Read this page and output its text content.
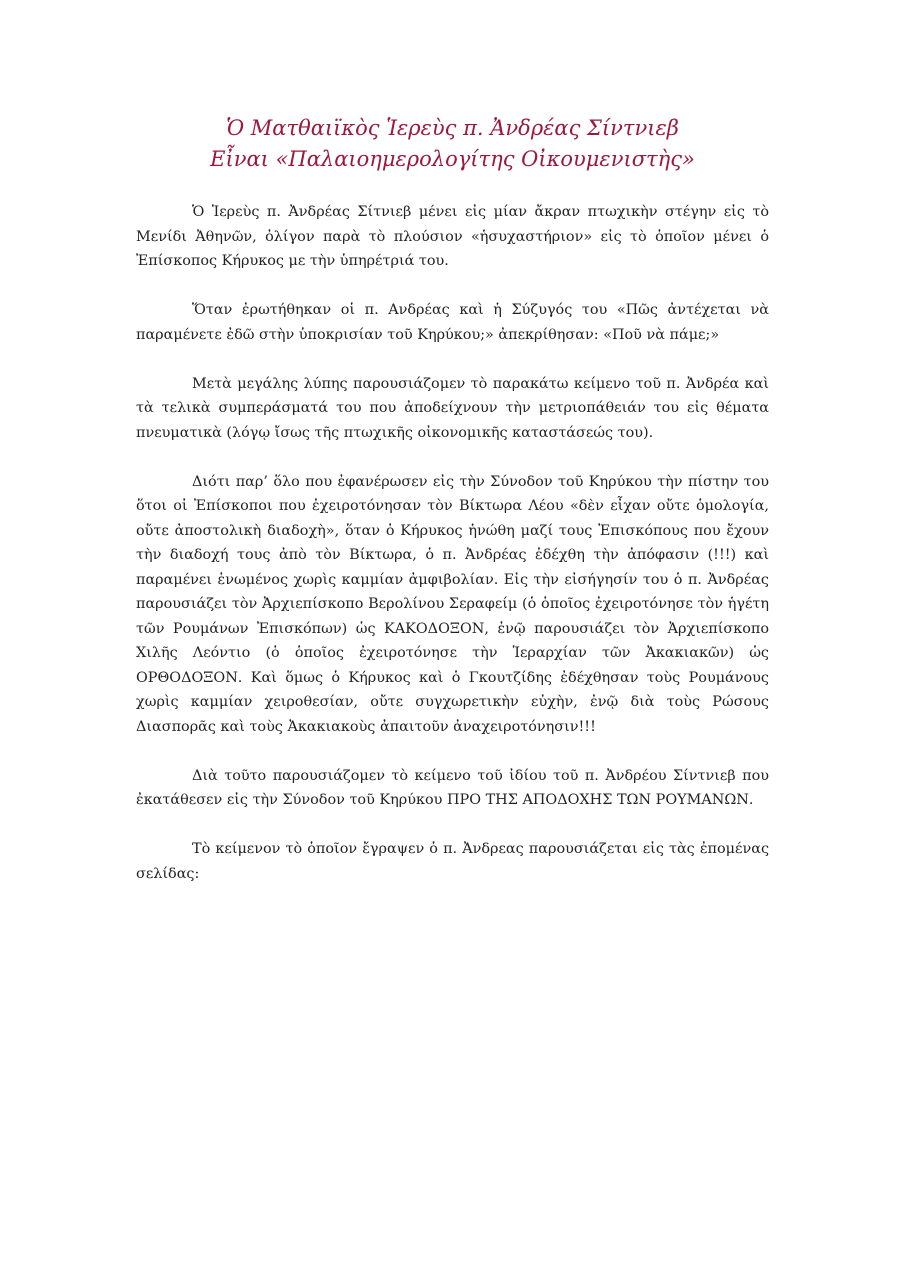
Ὁ Ματθαιϊκὸς Ἱερεὺς π. Ἀνδρέας Σίντνιεβ
Εἶναι «Παλαιοημερολογίτης Οἰκουμενιστὴς»

Ὁ Ἱερεὺς π. Ἀνδρέας Σίτνιεβ μένει εἰς μίαν ἄκραν πτωχικὴν στέγην εἰς τὸ Μενίδι Ἀθηνῶν, ὀλίγον παρὰ τὸ πλούσιον «ἡσυχαστήριον» εἰς τὸ ὁποῖον μένει ὁ Ἐπίσκοπος Κήρυκος με τὴν ὑπηρέτριά του.

Ὅταν ἐρωτήθηκαν οἱ π. Ανδρέας καὶ ἡ Σύζυγός του «Πῶς ἀντέχεται νὰ παραμένετε ἐδῶ στὴν ὑποκρισίαν τοῦ Κηρύκου;» ἀπεκρίθησαν: «Ποῦ νὰ πάμε;»

Μετὰ μεγάλης λύπης παρουσιάζομεν τὸ παρακάτω κείμενο τοῦ π. Ἀνδρέα καὶ τὰ τελικὰ συμπεράσματά του που ἀποδείχνουν τὴν μετριοπάθειάν του εἰς θέματα πνευματικὰ (λόγῳ ἴσως τῆς πτωχικῆς οἰκονομικῆς καταστάσεώς του).

Διότι παρ’ ὅλο που ἐφανέρωσεν εἰς τὴν Σύνοδον τοῦ Κηρύκου τὴν πίστην του ὅτοι οἱ Ἐπίσκοποι που ἐχειροτόνησαν τὸν Βίκτωρα Λέου «δὲν εἶχαν οὔτε ὁμολογία, οὔτε ἀποστολικὴ διαδοχὴ», ὅταν ὁ Κήρυκος ἡνώθη μαζί τους Ἐπισκόπους που ἔχουν τὴν διαδοχή τους ἀπὸ τὸν Βίκτωρα, ὁ π. Ἀνδρέας ἐδέχθη τὴν ἀπόφασιν (!!!) καὶ παραμένει ἑνωμένος χωρὶς καμμίαν ἀμφιβολίαν. Εἰς τὴν εἰσήγησίν του ὁ π. Ἀνδρέας παρουσιάζει τὸν Ἀρχιεπίσκοπο Βερολίνου Σεραφείμ (ὁ ὁποῖος ἐχειροτόνησε τὸν ἡγέτη τῶν Ρουμάνων Ἐπισκόπων) ὡς ΚΑΚΟΔΟΞΟΝ, ἐνῷ παρουσιάζει τὸν Ἀρχιεπίσκοπο Χιλῆς Λεόντιο (ὁ ὁποῖος ἐχειροτόνησε τὴν Ἱεραρχίαν τῶν Ἀκακιακῶν) ὡς ΟΡΘΟΔΟΞΟΝ. Καὶ ὅμως ὁ Κήρυκος καὶ ὁ Γκουτζίδης ἐδέχθησαν τοὺς Ρουμάνους χωρὶς καμμίαν χειροθεσίαν, οὔτε συγχωρετικὴν εὐχὴν, ἐνῷ διὰ τοὺς Ρώσους Διασπορᾶς καὶ τοὺς Ἀκακιακοὺς ἀπαιτοῦν ἀναχειροτόνησιν!!!

Διὰ τοῦτο παρουσιάζομεν τὸ κείμενο τοῦ ἰδίου τοῦ π. Ἀνδρέου Σίντνιεβ που ἐκατάθεσεν εἰς τὴν Σύνοδον τοῦ Κηρύκου ΠΡΟ ΤΗΣ ΑΠΟΔΟΧΗΣ ΤΩΝ ΡΟΥΜΑΝΩΝ.

Τὸ κείμενον τὸ ὁποῖον ἔγραψεν ὁ π. Ἀνδρεας παρουσιάζεται εἰς τὰς ἐπομένας σελίδας:
